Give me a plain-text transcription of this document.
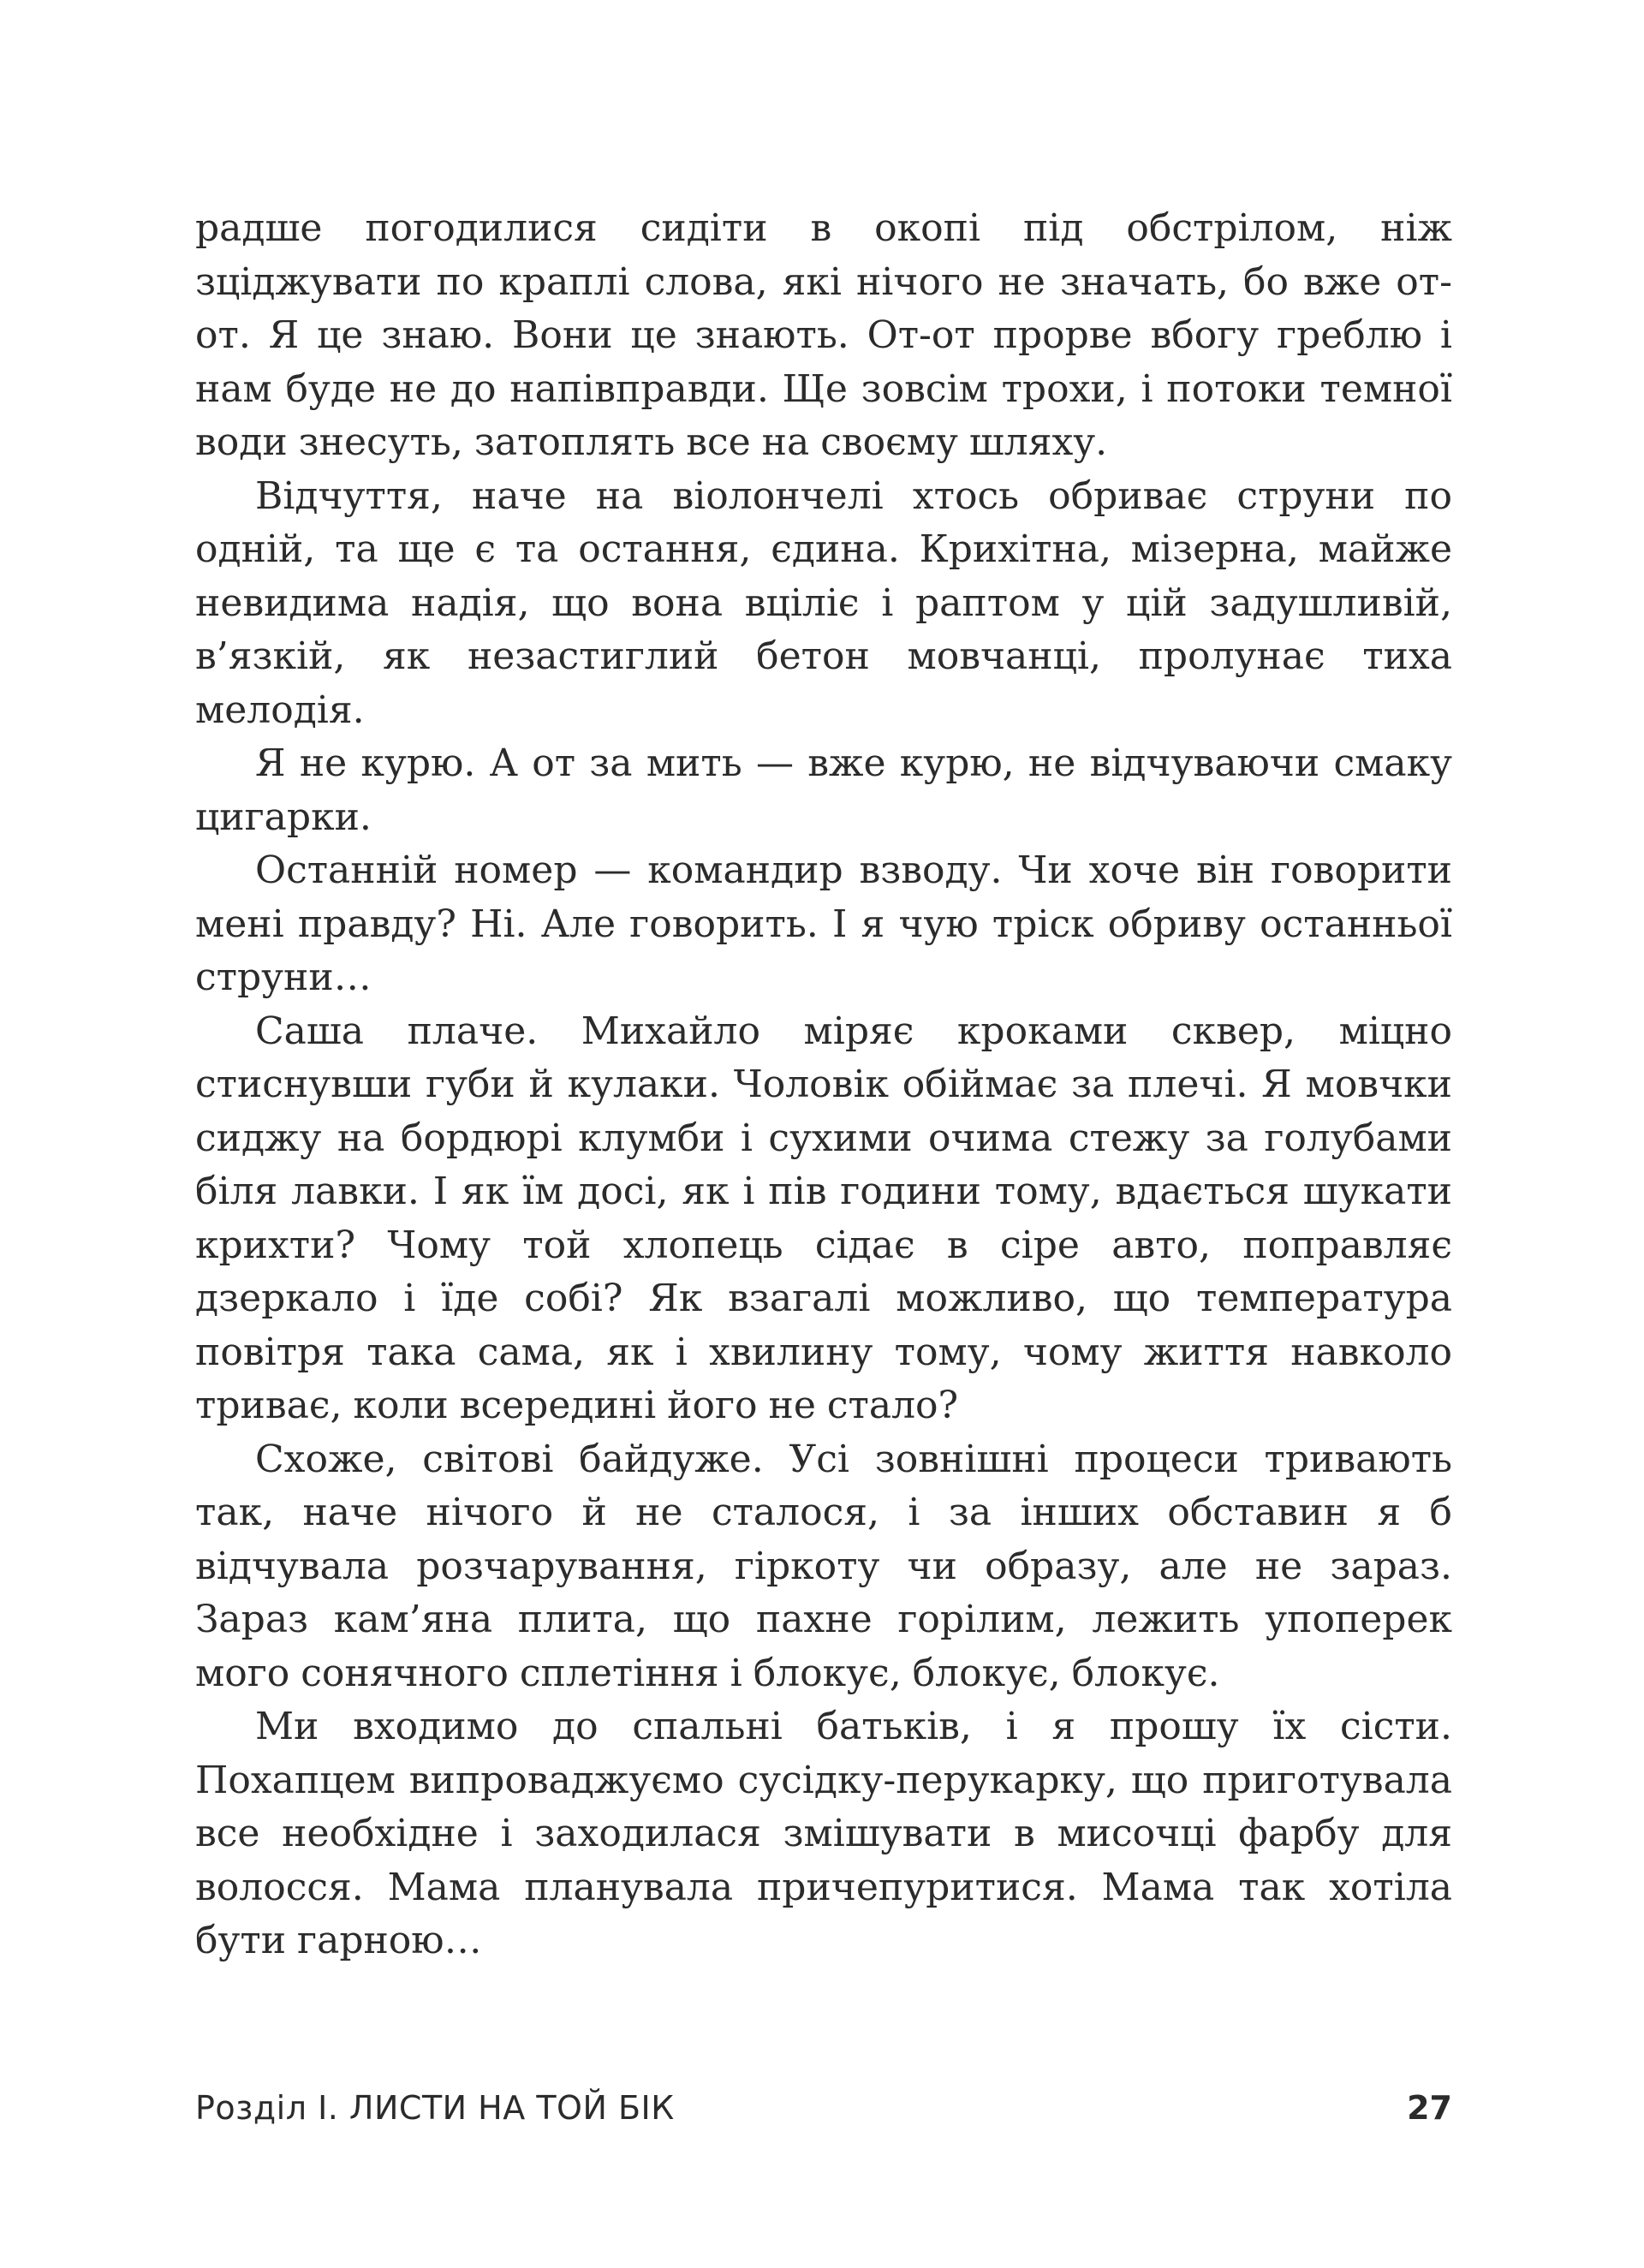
радше погодилися сидіти в окопі під обстрілом, ніж зціджувати по краплі слова, які нічого не значать, бо вже от-от. Я це знаю. Вони це знають. От-от прорве вбогу греблю і нам буде не до напівправди. Ще зовсім трохи, і потоки темної води знесуть, затоплять все на своєму шляху.

Відчуття, наче на віолончелі хтось обриває струни по одній, та ще є та остання, єдина. Крихітна, мізерна, майже невидима надія, що вона вціліє і раптом у цій задушливій, в’язкій, як незастиглий бетон мовчанці, пролунає тиха мелодія.

Я не курю. А от за мить — вже курю, не відчуваючи смаку цигарки.

Останній номер — командир взводу. Чи хоче він говорити мені правду? Ні. Але говорить. І я чую тріск обриву останньої струни…

Саша плаче. Михайло міряє кроками сквер, міцно стиснувши губи й кулаки. Чоловік обіймає за плечі. Я мовчки сиджу на бордюрі клумби і сухими очима стежу за голубами біля лавки. І як їм досі, як і пів години тому, вдається шукати крихти? Чому той хлопець сідає в сіре авто, поправляє дзеркало і їде собі? Як взагалі можливо, що температура повітря така сама, як і хвилину тому, чому життя навколо триває, коли всередині його не стало?

Схоже, світові байдуже. Усі зовнішні процеси тривають так, наче нічого й не сталося, і за інших обставин я б відчувала розчарування, гіркоту чи образу, але не зараз. Зараз кам’яна плита, що пахне горілим, лежить упоперек мого сонячного сплетіння і блокує, блокує, блокує.

Ми входимо до спальні батьків, і я прошу їх сісти. Похапцем випроваджуємо сусідку-перукарку, що приготувала все необхідне і заходилася змішувати в мисочці фарбу для волосся. Мама планувала причепуритися. Мама так хотіла бути гарною…

Розділ I. ЛИСТИ НА ТОЙ БІК	27
